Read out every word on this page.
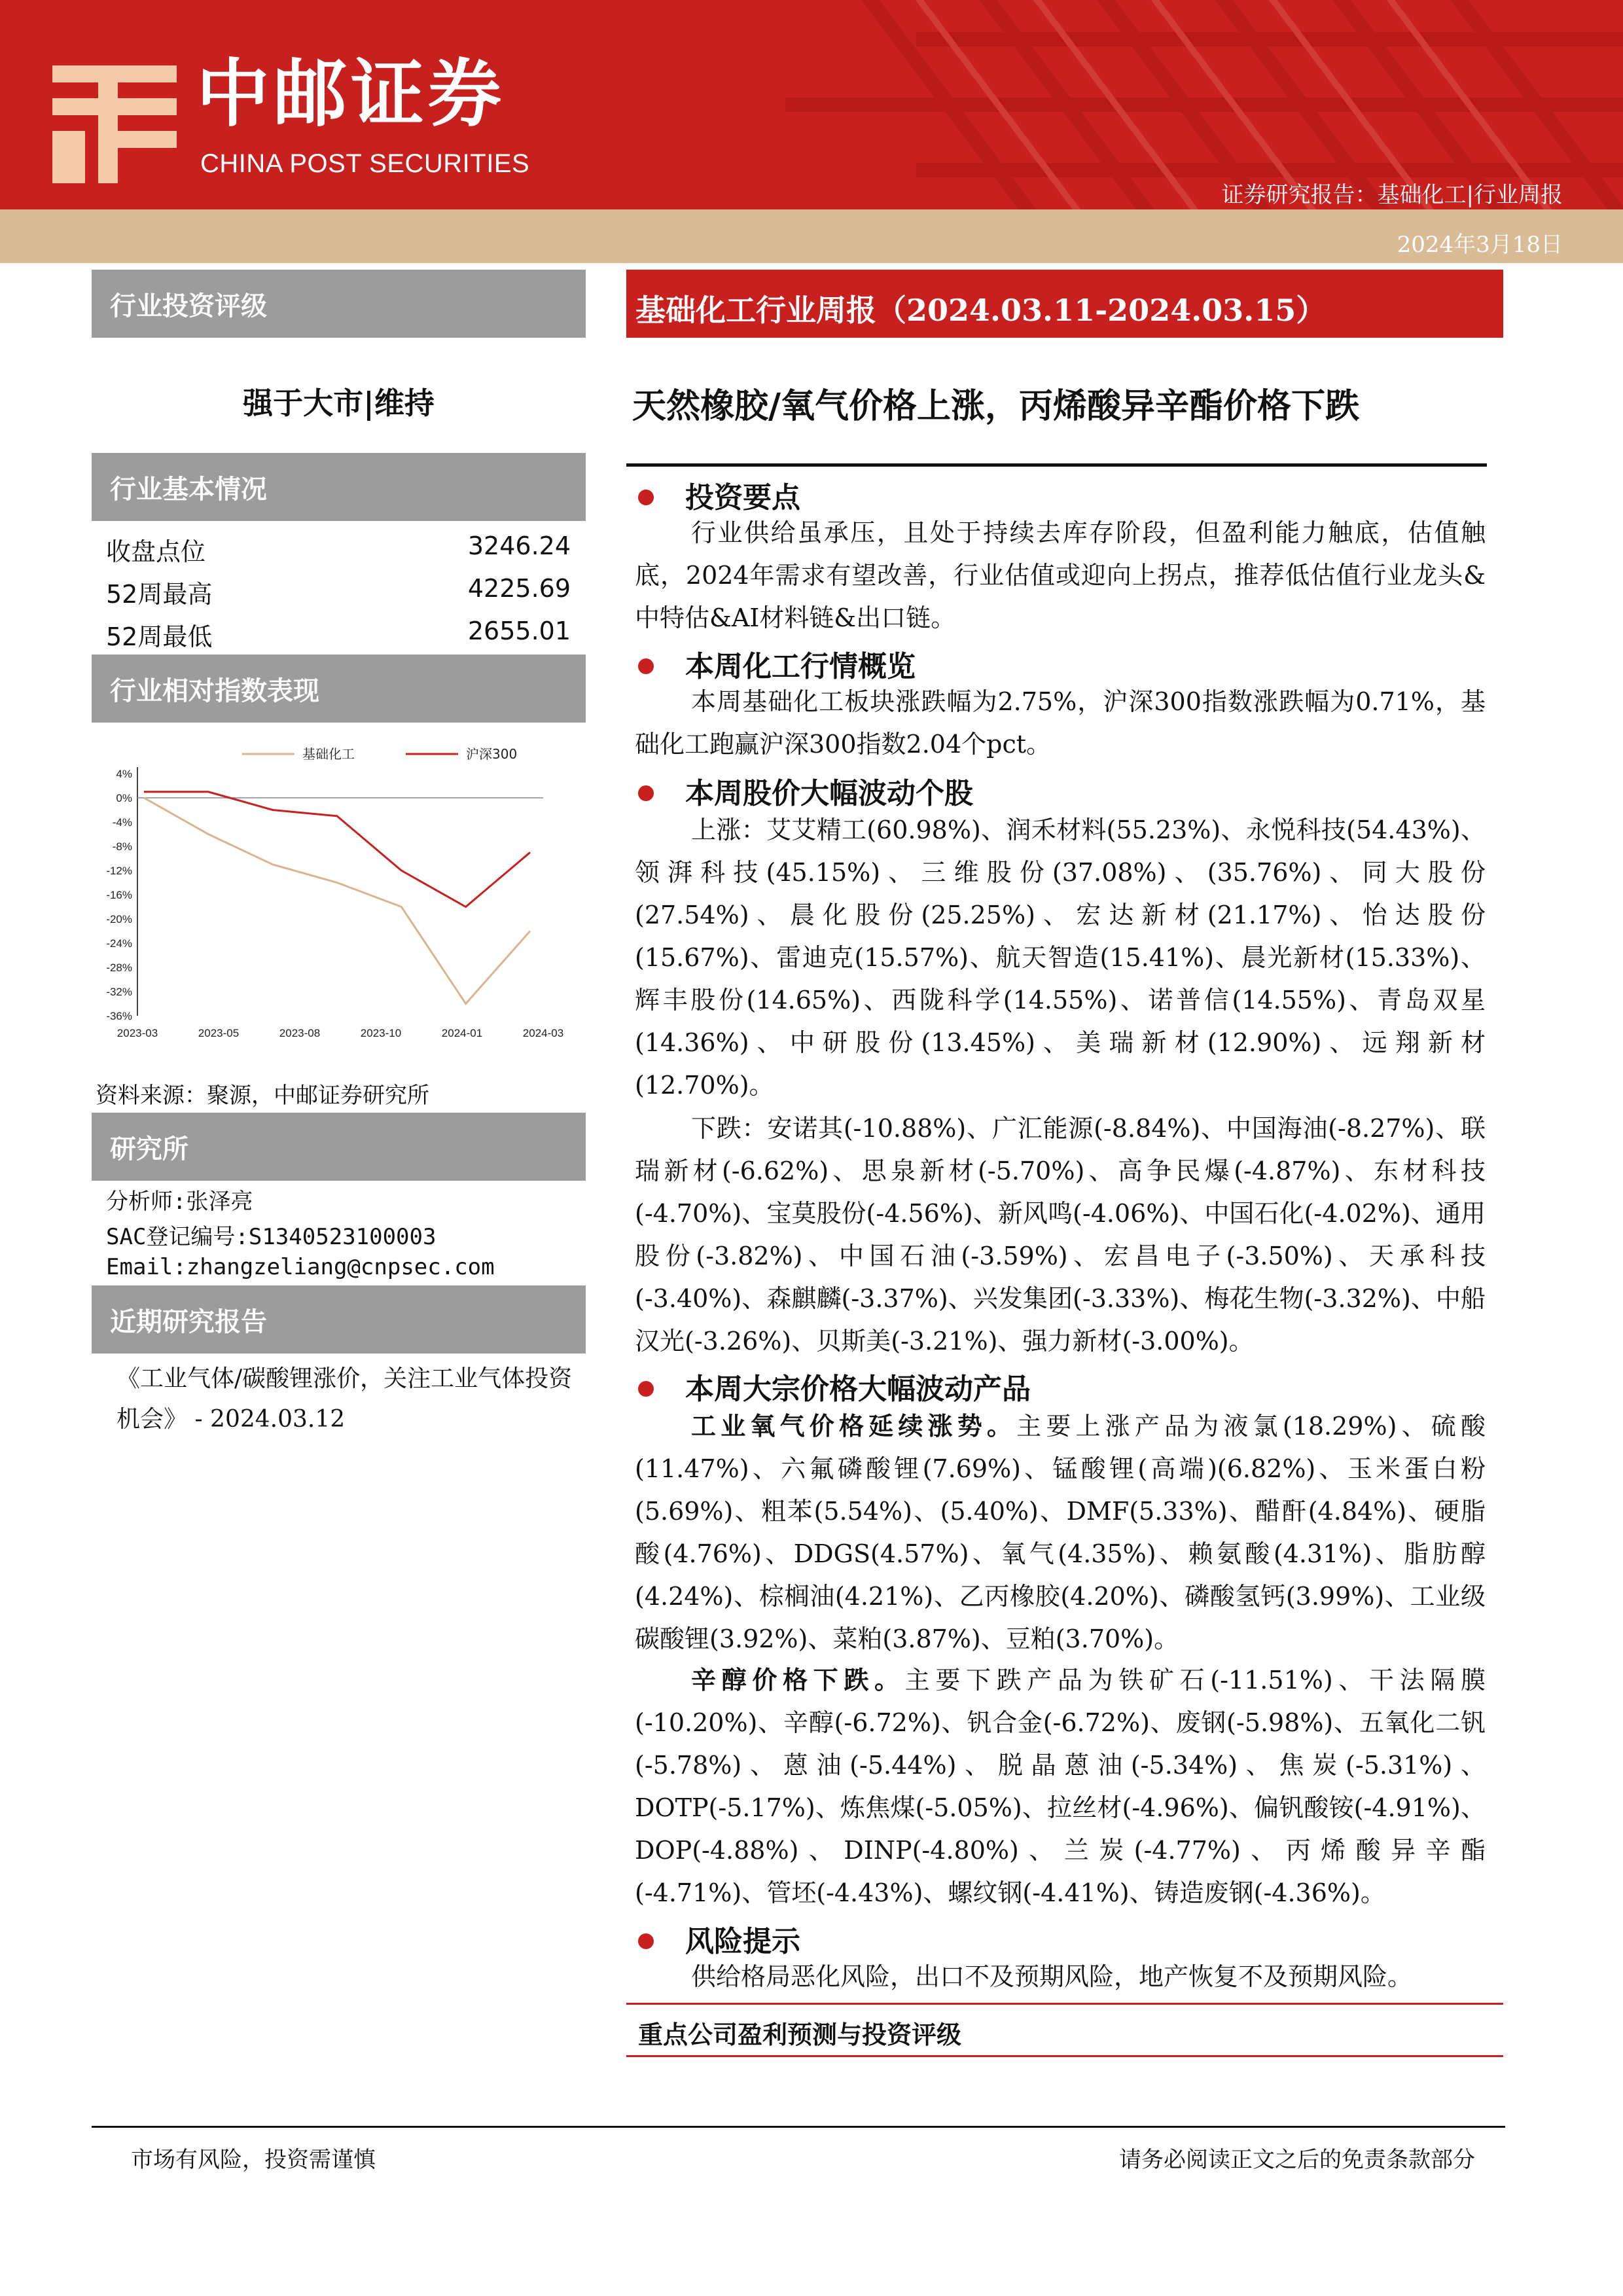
中邮证券
CHINA POST SECURITIES
证券研究报告：基础化工|行业周报
2024年3月18日
行业投资评级
强于大市|维持
行业基本情况
收盘点位	3246.24
52周最高	4225.69
52周最低	2655.01
行业相对指数表现
4%
0%
-4%
-8%
-12%
-16%
-20%
-24%
-28%
-32%
-36%
2023-03	2023-05	2023-08	2023-10	2024-01	2024-03
基础化工	沪深300
资料来源：聚源，中邮证券研究所
研究所
分析师:张泽亮
SAC登记编号:S1340523100003
Email:zhangzeliang@cnpsec.com
近期研究报告
《工业气体/碳酸锂涨价，关注工业气体投资机会》 - 2024.03.12
基础化工行业周报（2024.03.11-2024.03.15）
天然橡胶/氧气价格上涨，丙烯酸异辛酯价格下跌
投资要点

行业供给虽承压，且处于持续去库存阶段，但盈利能力触底，估值触底，2024年需求有望改善，行业估值或迎向上拐点，推荐低估值行业龙头&中特估&AI材料链&出口链。

本周化工行情概览

本周基础化工板块涨跌幅为2.75%，沪深300指数涨跌幅为0.71%，基础化工跑赢沪深300指数2.04个pct。

本周股价大幅波动个股

上涨：艾艾精工(60.98%)、润禾材料(55.23%)、永悦科技(54.43%)、领湃科技(45.15%)、三维股份(37.08%)、(35.76%)、同大股份(27.54%)、晨化股份(25.25%)、宏达新材(21.17%)、怡达股份(15.67%)、雷迪克(15.57%)、航天智造(15.41%)、晨光新材(15.33%)、辉丰股份(14.65%)、西陇科学(14.55%)、诺普信(14.55%)、青岛双星(14.36%)、中研股份(13.45%)、美瑞新材(12.90%)、远翔新材(12.70%)。

下跌：安诺其(-10.88%)、广汇能源(-8.84%)、中国海油(-8.27%)、联瑞新材(-6.62%)、思泉新材(-5.70%)、高争民爆(-4.87%)、东材科技(-4.70%)、宝莫股份(-4.56%)、新风鸣(-4.06%)、中国石化(-4.02%)、通用股份(-3.82%)、中国石油(-3.59%)、宏昌电子(-3.50%)、天承科技(-3.40%)、森麒麟(-3.37%)、兴发集团(-3.33%)、梅花生物(-3.32%)、中船汉光(-3.26%)、贝斯美(-3.21%)、强力新材(-3.00%)。

本周大宗价格大幅波动产品

工业氧气价格延续涨势。主要上涨产品为液氯(18.29%)、硫酸(11.47%)、六氟磷酸锂(7.69%)、锰酸锂(高端)(6.82%)、玉米蛋白粉(5.69%)、粗苯(5.54%)、(5.40%)、DMF(5.33%)、醋酐(4.84%)、硬脂酸(4.76%)、DDGS(4.57%)、氧气(4.35%)、赖氨酸(4.31%)、脂肪醇(4.24%)、棕榈油(4.21%)、乙丙橡胶(4.20%)、磷酸氢钙(3.99%)、工业级碳酸锂(3.92%)、菜粕(3.87%)、豆粕(3.70%)。

辛醇价格下跌。主要下跌产品为铁矿石(-11.51%)、干法隔膜(-10.20%)、辛醇(-6.72%)、钒合金(-6.72%)、废钢(-5.98%)、五氧化二钒(-5.78%)、蒽油(-5.44%)、脱晶蒽油(-5.34%)、焦炭(-5.31%)、DOTP(-5.17%)、炼焦煤(-5.05%)、拉丝材(-4.96%)、偏钒酸铵(-4.91%)、DOP(-4.88%)、DINP(-4.80%)、兰炭(-4.77%)、丙烯酸异辛酯(-4.71%)、管坯(-4.43%)、螺纹钢(-4.41%)、铸造废钢(-4.36%)。

风险提示

供给格局恶化风险，出口不及预期风险，地产恢复不及预期风险。

重点公司盈利预测与投资评级
市场有风险，投资需谨慎	请务必阅读正文之后的免责条款部分
